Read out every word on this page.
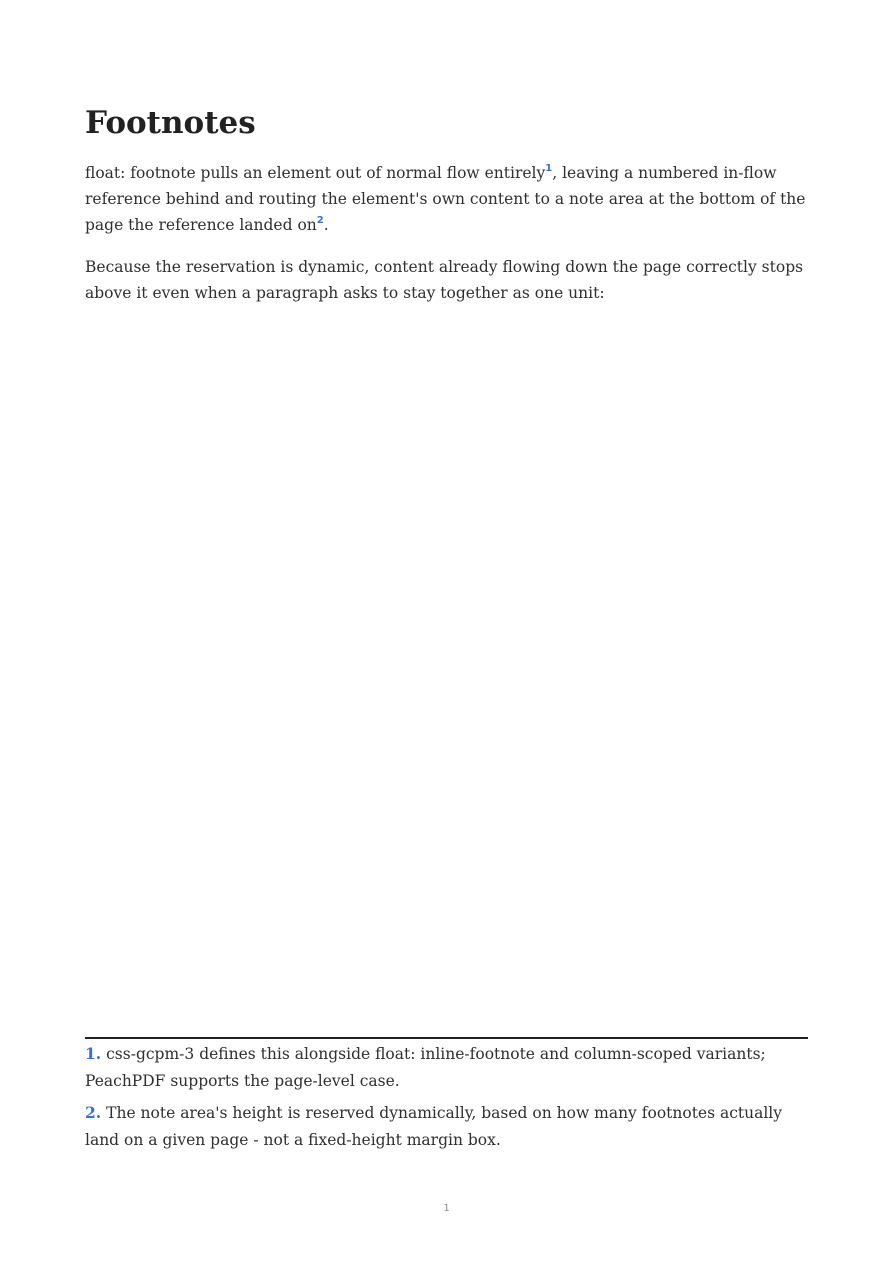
Footnotes

float: footnote pulls an element out of normal flow entirely$^1$, leaving a numbered in-flow reference behind and routing the element's own content to a note area at the bottom of the page the reference landed on$^2$.

Because the reservation is dynamic, content already flowing down the page correctly stops above it even when a paragraph asks to stay together as one unit:

1. css-gcpm-3 defines this alongside float: inline-footnote and column-scoped variants; PeachPDF supports the page-level case.

2. The note area's height is reserved dynamically, based on how many footnotes actually land on a given page - not a fixed-height margin box.

1
